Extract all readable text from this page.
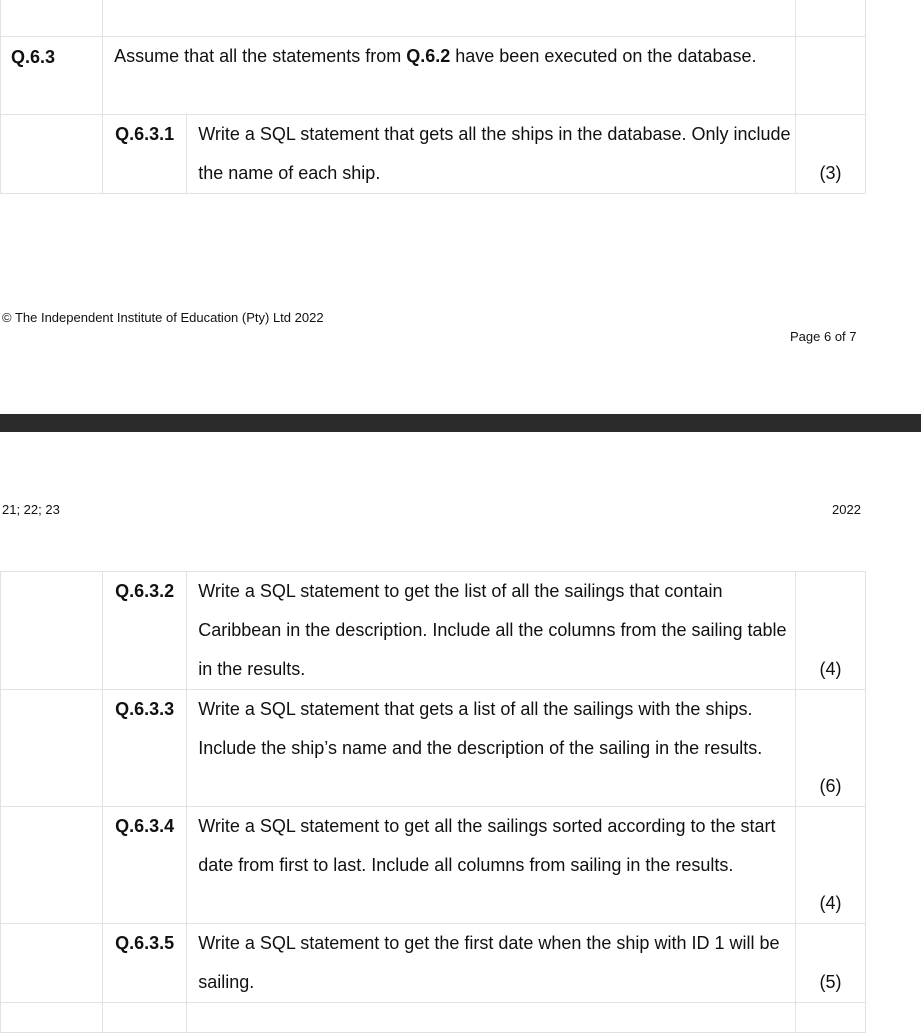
Q.6.3	Assume that all the statements from Q.6.2 have been executed on the database.		
	Q.6.3.1	Write a SQL statement that gets all the ships in the database. Only include the name of each ship.	(3)
© The Independent Institute of Education (Pty) Ltd 2022
Page 6 of 7
21; 22; 23	2022
	Q.6.3.2	Write a SQL statement to get the list of all the sailings that contain Caribbean in the description. Include all the columns from the sailing table in the results.	(4)
	Q.6.3.3	Write a SQL statement that gets a list of all the sailings with the ships. Include the ship’s name and the description of the sailing in the results.	(6)
	Q.6.3.4	Write a SQL statement to get all the sailings sorted according to the start date from first to last. Include all columns from sailing in the results.	(4)
	Q.6.3.5	Write a SQL statement to get the first date when the ship with ID 1 will be sailing.	(5)
